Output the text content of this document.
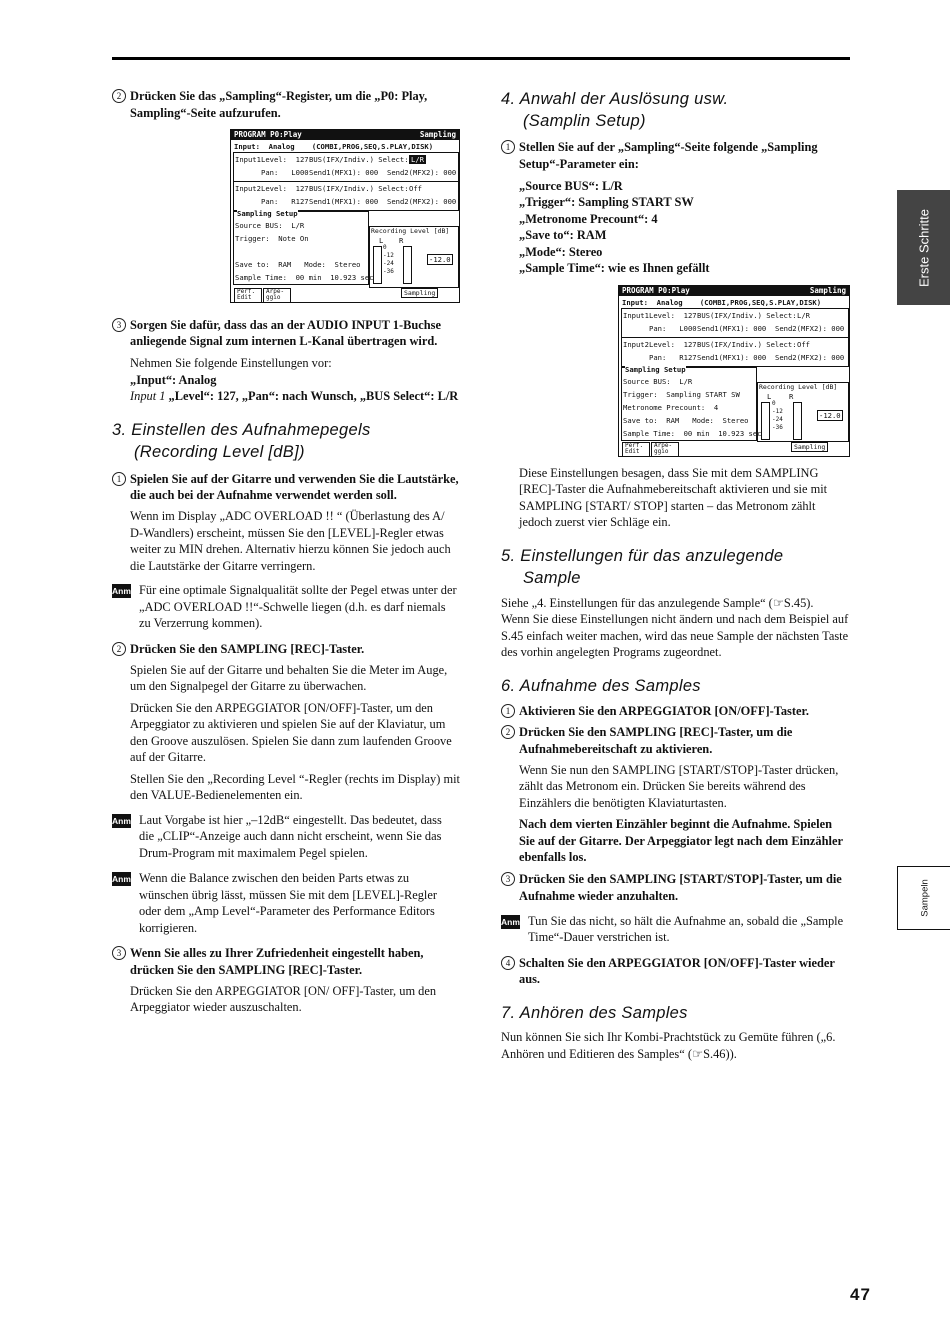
2 Drücken Sie das „Sampling“-Register, um die „P0: Play, Sampling“-Seite aufzurufen.
PROGRAM P0:Play	Sampling
Input:  Analog    (COMBI,PROG,SEQ,S.PLAY,DISK)
Input1 Level:  127 BUS(IFX/Indiv.) Select: L/R
Pan:   L000 Send1(MFX1): 000 Send2(MFX2): 000
Input2 Level:  127 BUS(IFX/Indiv.) Select: Off
Pan:   R127 Send1(MFX1): 000 Send2(MFX2): 000
Sampling Setup
Source BUS:  L/R
Trigger:  Note On
Save to:  RAM   Mode:  Stereo
Sample Time:  00 min  10.923 sec
Recording Level [dB]
L R
0
-12
-24
-36
-12.0
Perf. Edit
Arpe- ggio
Sampling
3 Sorgen Sie dafür, dass das an der AUDIO INPUT 1-Buchse anliegende Signal zum internen L-Kanal übertragen wird.

Nehmen Sie folgende Einstellungen vor:

„Input“: Analog

Input 1 „Level“: 127, „Pan“: nach Wunsch, „BUS Select“: L/R

3. Einstellen des Aufnahmepegels
(Recording Level [dB])
1 Spielen Sie auf der Gitarre und verwenden Sie die Lautstärke, die auch bei der Aufnahme verwendet werden soll.

Wenn im Display „ADC OVERLOAD !! “ (Überlastung des A/ D-Wandlers) erscheint, müssen Sie den [LEVEL]-Regler etwas weiter zu MIN drehen. Alternativ hierzu können Sie jedoch auch die Lautstärke der Gitarre verringern.

Anm. Für eine optimale Signalqualität sollte der Pegel etwas unter der „ADC OVERLOAD !!“-Schwelle liegen (d.h. es darf niemals zu Verzerrung kommen).
2 Drücken Sie den SAMPLING [REC]-Taster.

Spielen Sie auf der Gitarre und behalten Sie die Meter im Auge, um den Signalpegel der Gitarre zu überwachen.

Drücken Sie den ARPEGGIATOR [ON/OFF]-Taster, um den Arpeggiator zu aktivieren und spielen Sie auf der Klaviatur, um den Groove auszulösen. Spielen Sie dann zum laufenden Groove auf der Gitarre.

Stellen Sie den „Recording Level “-Regler (rechts im Display) mit den VALUE-Bedienelementen ein.

Anm. Laut Vorgabe ist hier „–12dB“ eingestellt. Das bedeutet, dass die „CLIP“-Anzeige auch dann nicht erscheint, wenn Sie das Drum-Program mit maximalem Pegel spielen.
Anm. Wenn die Balance zwischen den beiden Parts etwas zu wünschen übrig lässt, müssen Sie mit dem [LEVEL]-Regler oder dem „Amp Level“-Parameter des Performance Editors korrigieren.
3 Wenn Sie alles zu Ihrer Zufriedenheit eingestellt haben, drücken Sie den SAMPLING [REC]-Taster.

Drücken Sie den ARPEGGIATOR [ON/ OFF]-Taster, um den Arpeggiator wieder auszuschalten.

4. Anwahl der Auslösung usw.
(Samplin Setup)
1 Stellen Sie auf der „Sampling“-Seite folgende „Sampling Setup“-Parameter ein:

„Source BUS“: L/R

„Trigger“: Sampling START SW

„Metronome Precount“: 4

„Save to“: RAM

„Mode“: Stereo

„Sample Time“: wie es Ihnen gefällt

PROGRAM P0:Play	Sampling
Input:  Analog    (COMBI,PROG,SEQ,S.PLAY,DISK)
Input1 Level:  127 BUS(IFX/Indiv.) Select: L/R
Pan:   L000 Send1(MFX1): 000 Send2(MFX2): 000
Input2 Level:  127 BUS(IFX/Indiv.) Select: Off
Pan:   R127 Send1(MFX1): 000 Send2(MFX2): 000
Sampling Setup
Source BUS:  L/R
Trigger:  Sampling START SW
Metronome Precount:  4
Save to:  RAM   Mode:  Stereo
Sample Time:  00 min  10.923 sec
Recording Level [dB]
L R
0
-12
-24
-36
-12.0
Perf. Edit
Arpe- ggio
Sampling

Diese Einstellungen besagen, dass Sie mit dem SAMPLING [REC]-Taster die Aufnahmebereitschaft aktivieren und sie mit SAMPLING [START/ STOP] starten – das Metronom zählt jedoch zuerst vier Schläge ein.

5. Einstellungen für das anzulegende
Sample

Siehe „4. Einstellungen für das anzulegende Sample“ (☞S.45).

Wenn Sie diese Einstellungen nicht ändern und nach dem Beispiel auf S.45 einfach weiter machen, wird das neue Sample der nächsten Taste des vorhin angelegten Programs zugeordnet.

6. Aufnahme des Samples
1 Aktivieren Sie den ARPEGGIATOR [ON/OFF]-Taster.
2 Drücken Sie den SAMPLING [REC]-Taster, um die Aufnahmebereitschaft zu aktivieren.

Wenn Sie nun den SAMPLING [START/STOP]-Taster drücken, zählt das Metronom ein. Drücken Sie bereits während des Einzählers die benötigten Klaviaturtasten.

Nach dem vierten Einzähler beginnt die Aufnahme. Spielen Sie auf der Gitarre. Der Arpeggiator legt nach dem Einzähler ebenfalls los.

3 Drücken Sie den SAMPLING [START/STOP]-Taster, um die Aufnahme wieder anzuhalten.
Anm. Tun Sie das nicht, so hält die Aufnahme an, sobald die „Sample Time“-Dauer verstrichen ist.
4 Schalten Sie den ARPEGGIATOR [ON/OFF]-Taster wieder aus.
7. Anhören des Samples

Nun können Sie sich Ihr Kombi-Prachtstück zu Gemüte führen („6. Anhören und Editieren des Samples“ (☞S.46)).

Erste Schritte
Sampeln
47
